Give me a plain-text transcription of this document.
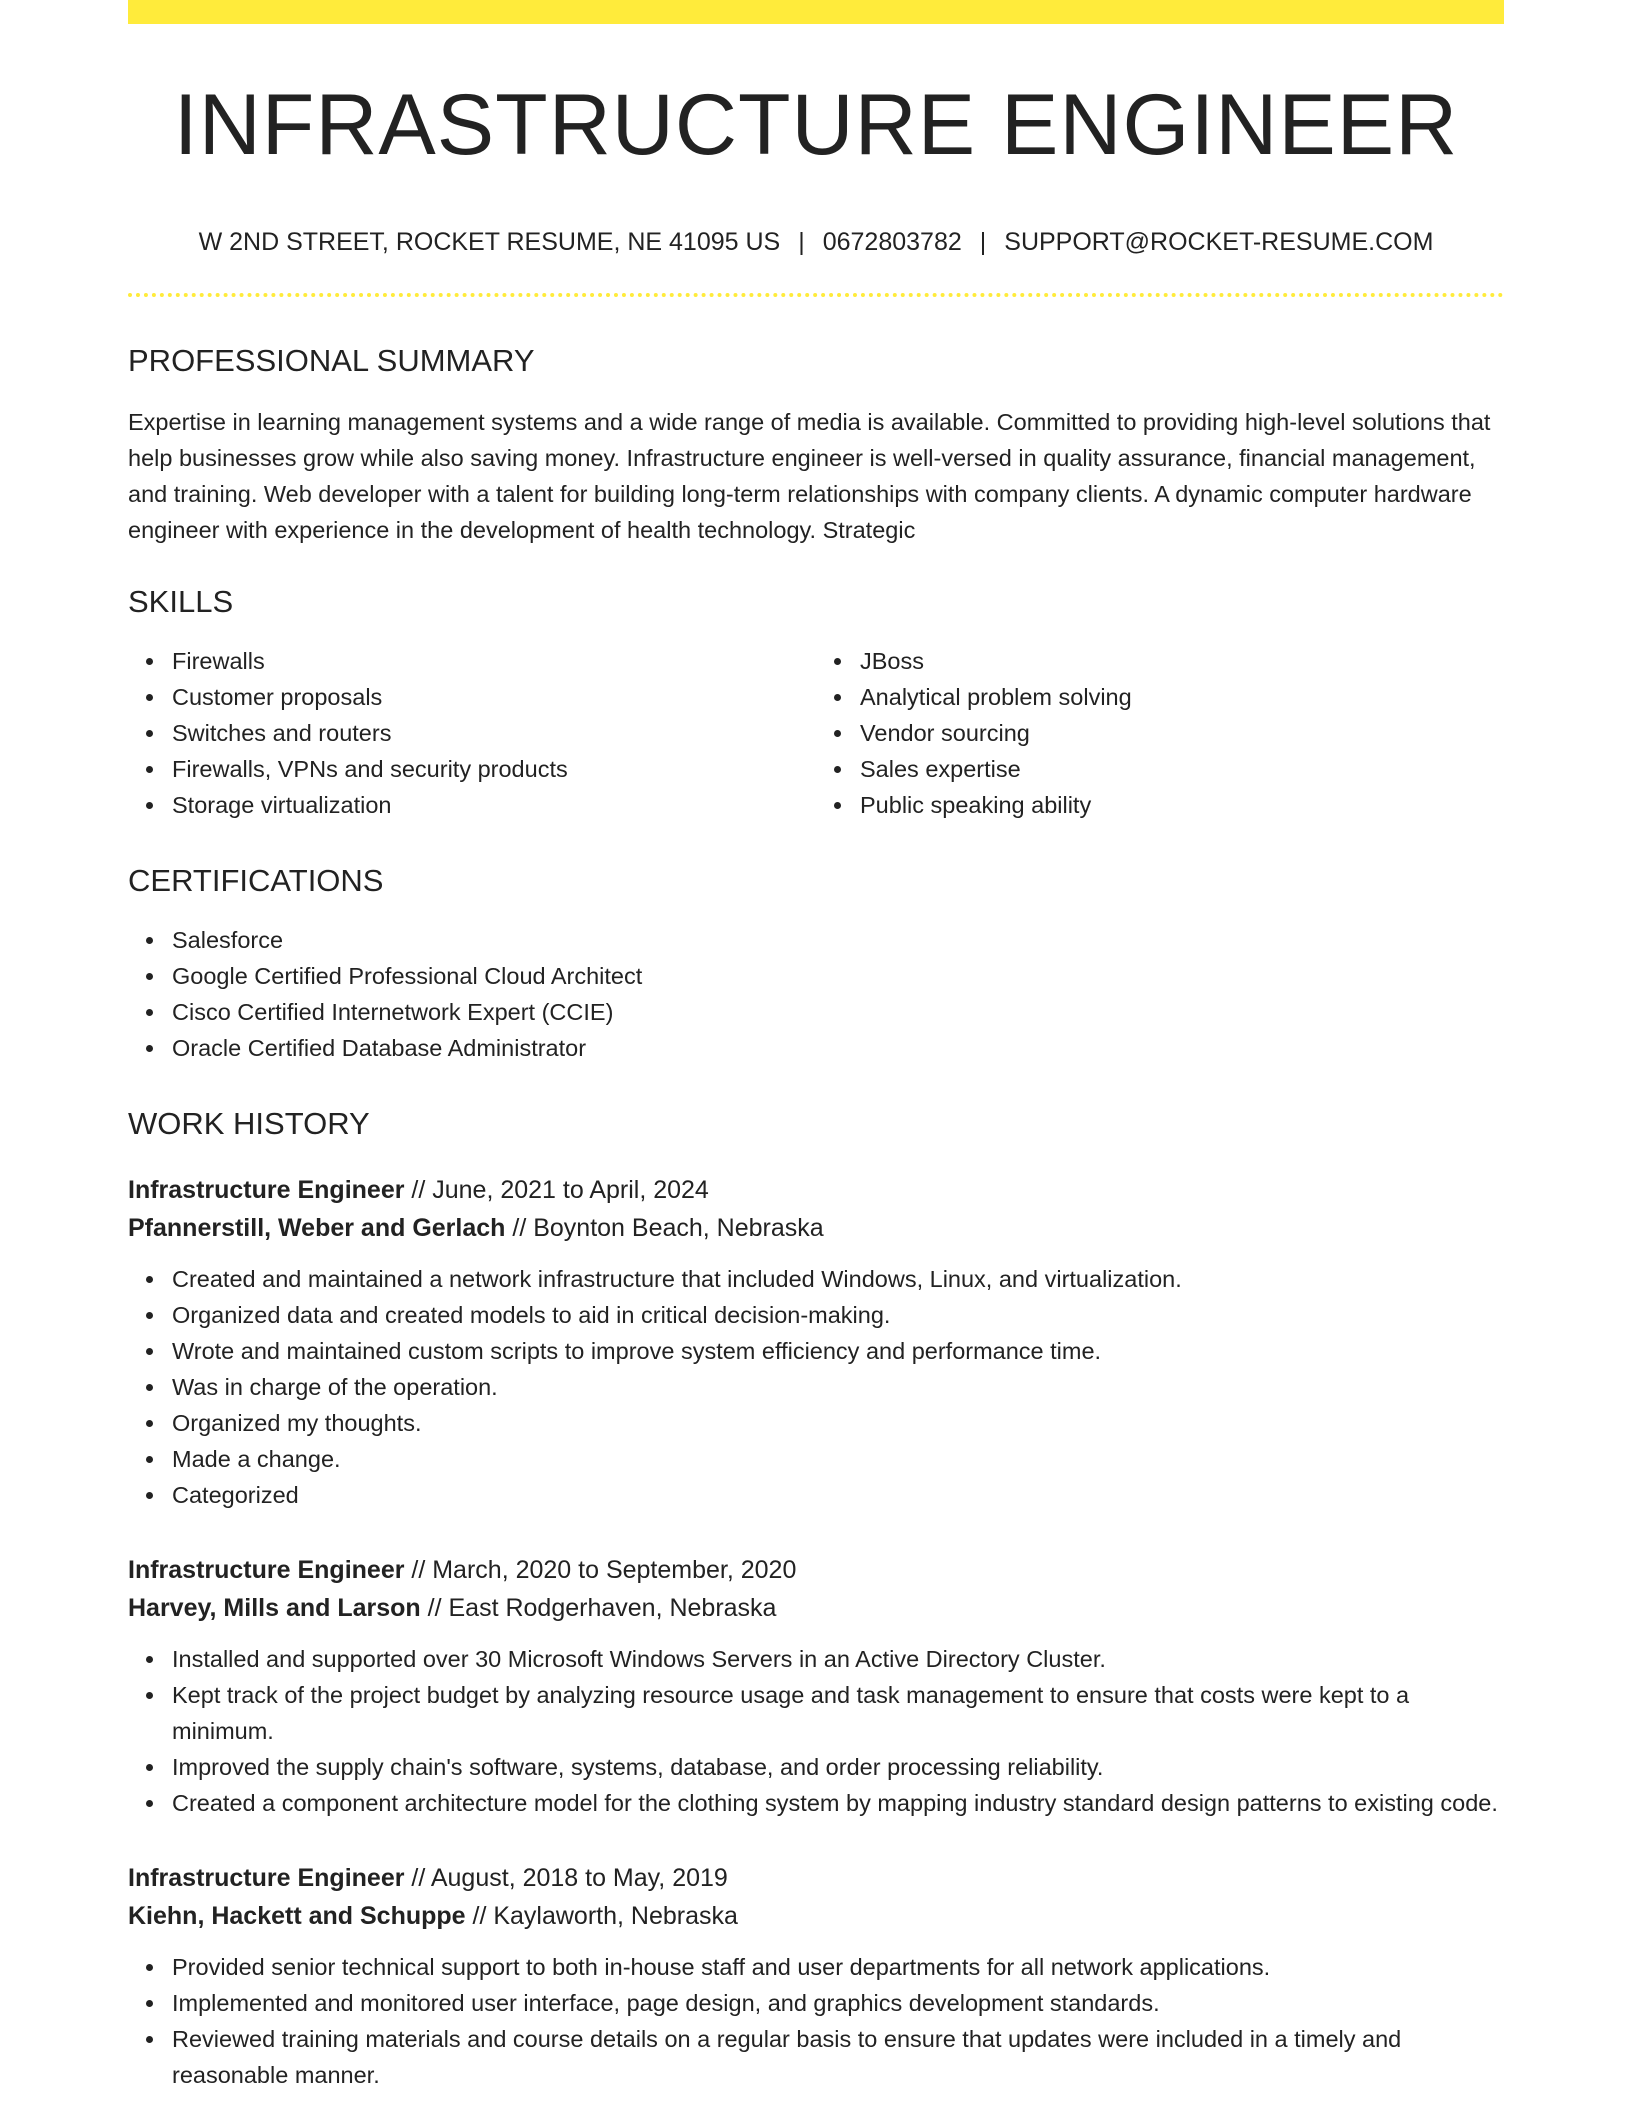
INFRASTRUCTURE ENGINEER
W 2ND STREET, ROCKET RESUME, NE 41095 US | 0672803782 | SUPPORT@ROCKET-RESUME.COM
PROFESSIONAL SUMMARY

Expertise in learning management systems and a wide range of media is available. Committed to providing high-level solutions that help businesses grow while also saving money. Infrastructure engineer is well-versed in quality assurance, financial management, and training. Web developer with a talent for building long-term relationships with company clients. A dynamic computer hardware engineer with experience in the development of health technology. Strategic

SKILLS
Firewalls
Customer proposals
Switches and routers
Firewalls, VPNs and security products
Storage virtualization
JBoss
Analytical problem solving
Vendor sourcing
Sales expertise
Public speaking ability
CERTIFICATIONS
Salesforce
Google Certified Professional Cloud Architect
Cisco Certified Internetwork Expert (CCIE)
Oracle Certified Database Administrator
WORK HISTORY
Infrastructure Engineer // June, 2021 to April, 2024
Pfannerstill, Weber and Gerlach // Boynton Beach, Nebraska
Created and maintained a network infrastructure that included Windows, Linux, and virtualization.
Organized data and created models to aid in critical decision-making.
Wrote and maintained custom scripts to improve system efficiency and performance time.
Was in charge of the operation.
Organized my thoughts.
Made a change.
Categorized
Infrastructure Engineer // March, 2020 to September, 2020
Harvey, Mills and Larson // East Rodgerhaven, Nebraska
Installed and supported over 30 Microsoft Windows Servers in an Active Directory Cluster.
Kept track of the project budget by analyzing resource usage and task management to ensure that costs were kept to a minimum.
Improved the supply chain's software, systems, database, and order processing reliability.
Created a component architecture model for the clothing system by mapping industry standard design patterns to existing code.
Infrastructure Engineer // August, 2018 to May, 2019
Kiehn, Hackett and Schuppe // Kaylaworth, Nebraska
Provided senior technical support to both in-house staff and user departments for all network applications.
Implemented and monitored user interface, page design, and graphics development standards.
Reviewed training materials and course details on a regular basis to ensure that updates were included in a timely and reasonable manner.
